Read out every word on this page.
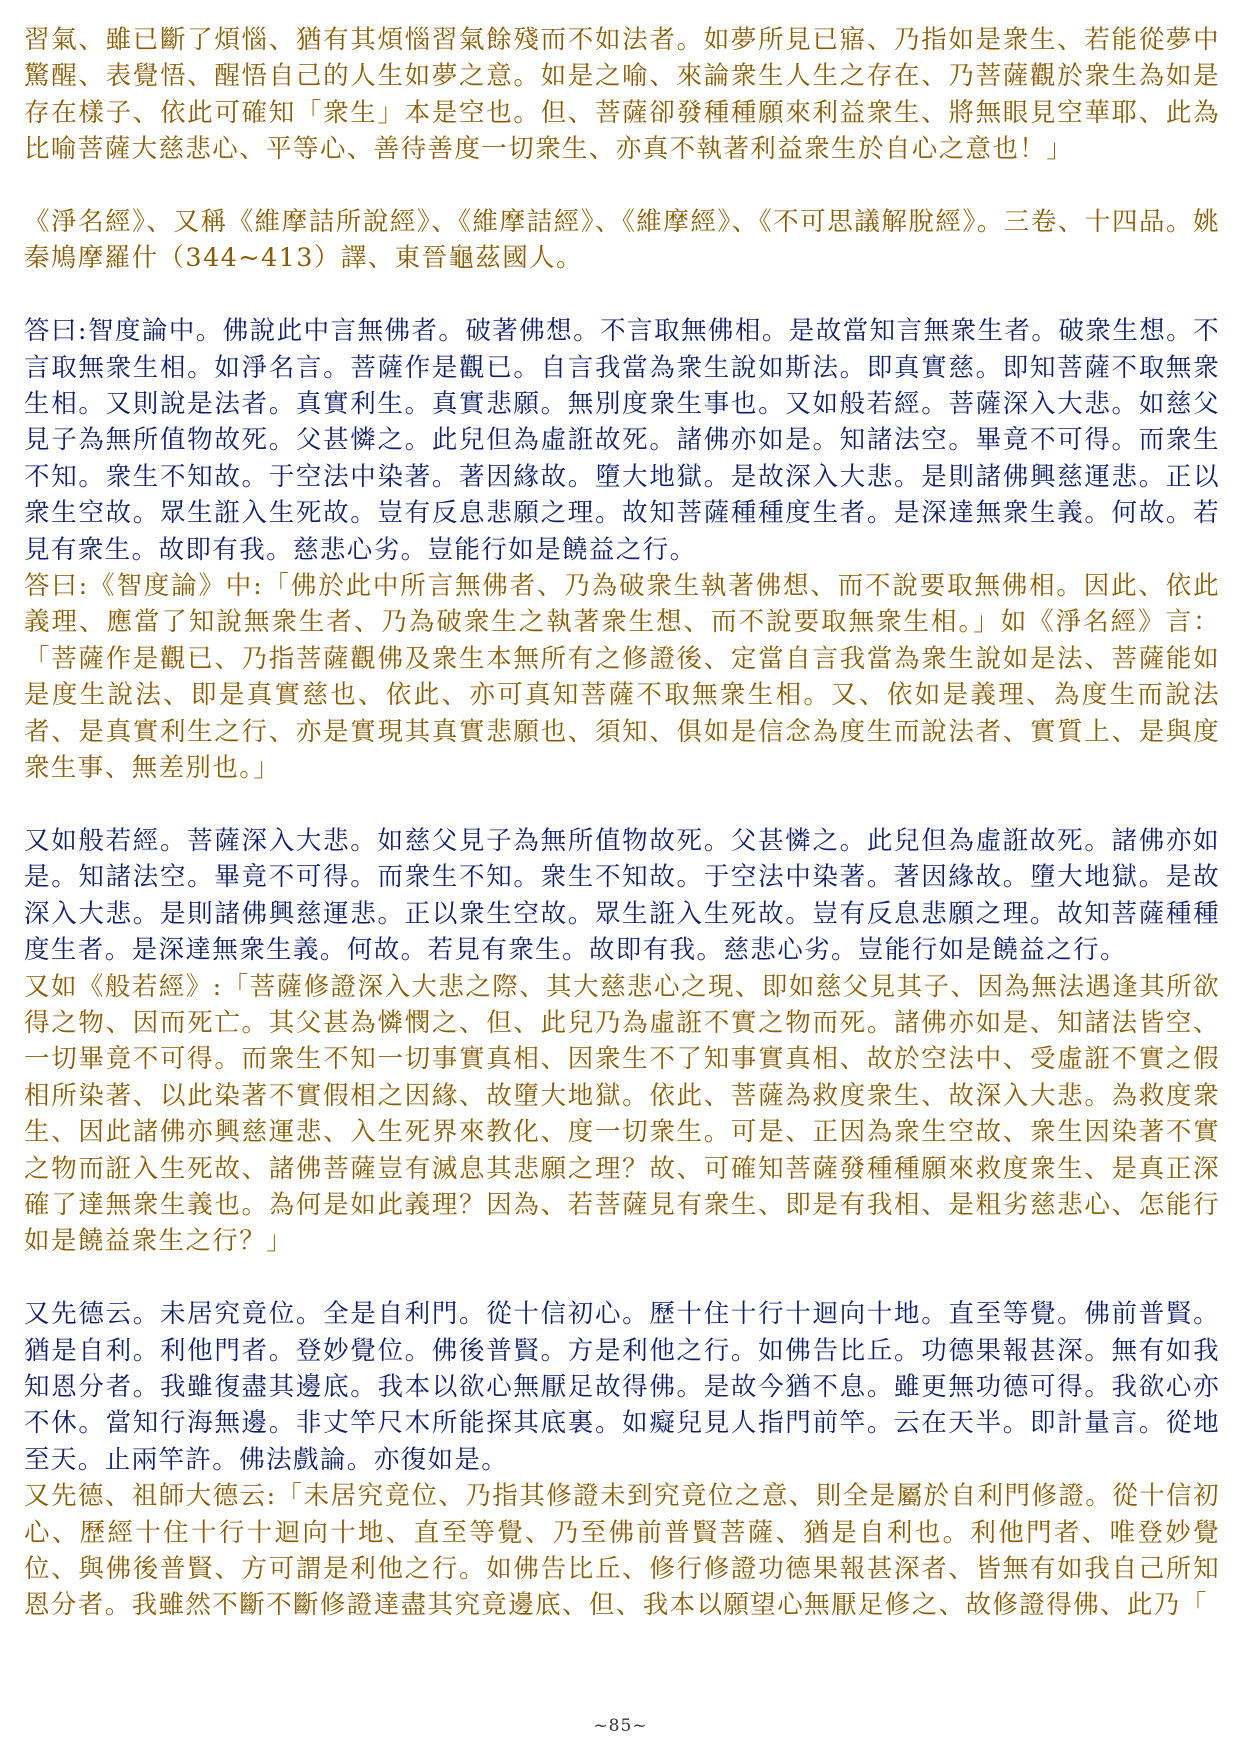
習氣、雖已斷了煩惱、猶有其煩惱習氣餘殘而不如法者。如夢所見已寤、乃指如是衆生、若能從夢中驚醒、表覺悟、醒悟自己的人生如夢之意。如是之喻、來論衆生人生之存在、乃菩薩觀於衆生為如是存在樣子、依此可確知「衆生」本是空也。但、菩薩卻發種種願來利益衆生、將無眼見空華耶、此為比喻菩薩大慈悲心、平等心、善待善度一切衆生、亦真不執著利益衆生於自心之意也！」

《淨名經》、又稱《維摩詰所說經》、《維摩詰經》、《維摩經》、《不可思議解脫經》。三卷、十四品。姚秦鳩摩羅什（344~413）譯、東晉龜茲國人。

答曰:智度論中。佛說此中言無佛者。破著佛想。不言取無佛相。是故當知言無衆生者。破衆生想。不言取無衆生相。如淨名言。菩薩作是觀已。自言我當為衆生說如斯法。即真實慈。即知菩薩不取無衆生相。又則說是法者。真實利生。真實悲願。無別度衆生事也。又如般若經。菩薩深入大悲。如慈父見子為無所值物故死。父甚憐之。此兒但為虛誑故死。諸佛亦如是。知諸法空。畢竟不可得。而衆生不知。衆生不知故。于空法中染著。著因緣故。墮大地獄。是故深入大悲。是則諸佛興慈運悲。正以衆生空故。眾生誑入生死故。豈有反息悲願之理。故知菩薩種種度生者。是深達無衆生義。何故。若見有衆生。故即有我。慈悲心劣。豈能行如是饒益之行。

答曰:《智度論》中:「佛於此中所言無佛者、乃為破衆生執著佛想、而不說要取無佛相。因此、依此義理、應當了知說無衆生者、乃為破衆生之執著衆生想、而不說要取無衆生相。」如《淨名經》言：「菩薩作是觀已、乃指菩薩觀佛及衆生本無所有之修證後、定當自言我當為衆生說如是法、菩薩能如是度生說法、即是真實慈也、依此、亦可真知菩薩不取無衆生相。又、依如是義理、為度生而說法者、是真實利生之行、亦是實現其真實悲願也、須知、俱如是信念為度生而說法者、實質上、是與度衆生事、無差別也。」

又如般若經。菩薩深入大悲。如慈父見子為無所值物故死。父甚憐之。此兒但為虛誑故死。諸佛亦如是。知諸法空。畢竟不可得。而衆生不知。衆生不知故。于空法中染著。著因緣故。墮大地獄。是故深入大悲。是則諸佛興慈運悲。正以衆生空故。眾生誑入生死故。豈有反息悲願之理。故知菩薩種種度生者。是深達無衆生義。何故。若見有衆生。故即有我。慈悲心劣。豈能行如是饒益之行。

又如《般若經》:「菩薩修證深入大悲之際、其大慈悲心之現、即如慈父見其子、因為無法遇逢其所欲得之物、因而死亡。其父甚為憐憫之、但、此兒乃為虛誑不實之物而死。諸佛亦如是、知諸法皆空、一切畢竟不可得。而衆生不知一切事實真相、因衆生不了知事實真相、故於空法中、受虛誑不實之假相所染著、以此染著不實假相之因緣、故墮大地獄。依此、菩薩為救度衆生、故深入大悲。為救度衆生、因此諸佛亦興慈運悲、入生死界來教化、度一切衆生。可是、正因為衆生空故、衆生因染著不實之物而誑入生死故、諸佛菩薩豈有滅息其悲願之理？故、可確知菩薩發種種願來救度衆生、是真正深確了達無衆生義也。為何是如此義理？因為、若菩薩見有衆生、即是有我相、是粗劣慈悲心、怎能行如是饒益衆生之行？」

又先德云。未居究竟位。全是自利門。從十信初心。歷十住十行十迴向十地。直至等覺。佛前普賢。猶是自利。利他門者。登妙覺位。佛後普賢。方是利他之行。如佛告比丘。功德果報甚深。無有如我知恩分者。我雖復盡其邊底。我本以欲心無厭足故得佛。是故今猶不息。雖更無功德可得。我欲心亦不休。當知行海無邊。非丈竿尺木所能探其底裏。如癡兒見人指門前竿。云在天半。即計量言。從地至天。止兩竿許。佛法戲論。亦復如是。

又先德、祖師大德云:「未居究竟位、乃指其修證未到究竟位之意、則全是屬於自利門修證。從十信初心、歷經十住十行十迴向十地、直至等覺、乃至佛前普賢菩薩、猶是自利也。利他門者、唯登妙覺位、與佛後普賢、方可謂是利他之行。如佛告比丘、修行修證功德果報甚深者、皆無有如我自己所知恩分者。我雖然不斷不斷修證達盡其究竟邊底、但、我本以願望心無厭足修之、故修證得佛、此乃「

~85~
